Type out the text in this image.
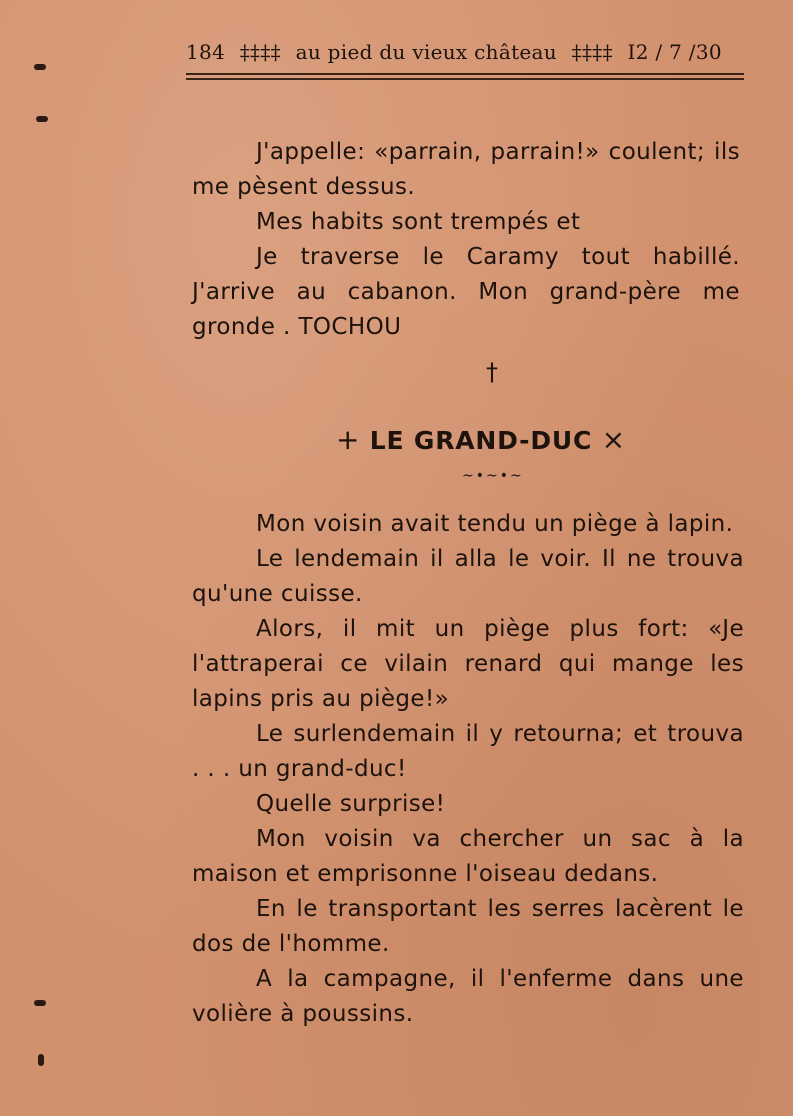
184 ‡‡‡‡ au pied du vieux château ‡‡‡‡ I2 / 7 /30

J'appelle: «parrain, parrain!» coulent; ils me pèsent dessus.

Mes habits sont trempés et

Je traverse le Caramy tout habillé. J'arrive au cabanon. Mon grand-père me gronde . TOCHOU

†
+ LE GRAND-DUC ×
~•~•~

Mon voisin avait tendu un piège à lapin.

Le lendemain il alla le voir. Il ne trouva qu'une cuisse.

Alors, il mit un piège plus fort: «Je l'attraperai ce vilain renard qui mange les lapins pris au piège!»

Le surlendemain il y retourna; et trouva . . . un grand-duc!

Quelle surprise!

Mon voisin va chercher un sac à la maison et emprisonne l'oiseau dedans.

En le transportant les serres lacèrent le dos de l'homme.

A la campagne, il l'enferme dans une volière à poussins.
